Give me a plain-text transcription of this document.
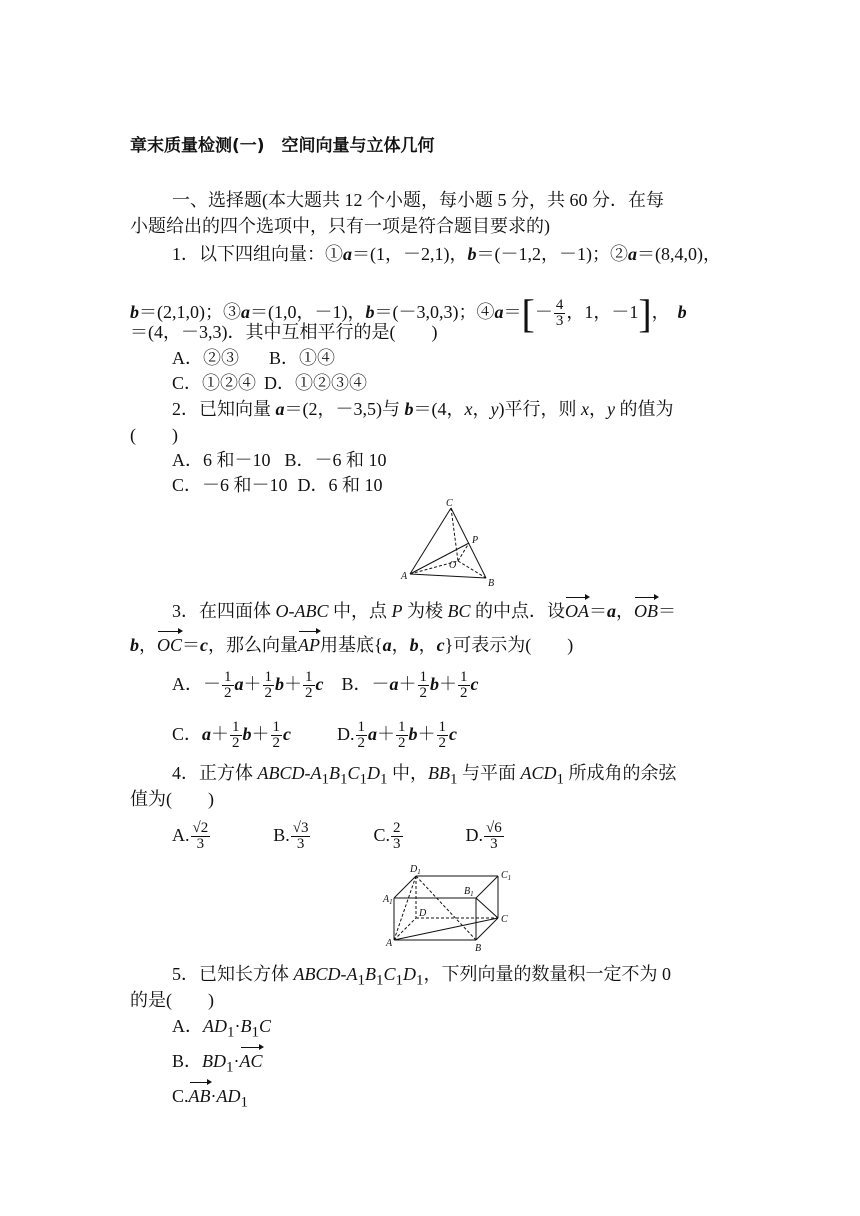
章末质量检测(一)　空间向量与立体几何
一、选择题(本大题共 12 个小题，每小题 5 分，共 60 分．在每
小题给出的四个选项中，只有一项是符合题目要求的)
1．以下四组向量：①a＝(1，－2,1)，b＝(－1,2，－1)；②a＝(8,4,0)，
b＝(2,1,0)；③a＝(1,0，－1)，b＝(－3,0,3)；④a＝[－ $\frac{4}{3}$ ，1，－1]， b
＝(4，－3,3)．其中互相平行的是(　　)
A．②③ B．①④
C．①②④ D．①②③④
2．已知向量 a＝(2，－3,5)与 b＝(4，x，y)平行，则 x，y 的值为
(　　)
A．6 和－10 B．－6 和 10
C．－6 和－10 D．6 和 10
C
P
O
A
B
3．在四面体 O-ABC 中，点 P 为棱 BC 的中点．设OA＝a，OB＝
b，OC＝c，那么向量AP用基底{a，b，c}可表示为(　　)
A．－ $\frac{1}{2} a+ \frac{1}{2} b+ \frac{1}{2}$ c B．$-a+ \frac{1}{2} b+ \frac{1}{2}$ c
C．$a+ \frac{1}{2} b+ \frac{1}{2}$ c	D. $\frac{1}{2} a+ \frac{1}{2} b+ \frac{1}{2}$ c
4．正方体 ABCD-$A_1B_1C_1D_1$ 中，$BB_1$ 与平面 $ACD_1$ 所成角的余弦
值为(　　)
A. $\frac{√2}{3}$	B. $\frac{√3}{3}$	C. $\frac{2}{3}$	D. $\frac{√6}{3}$
$D_1$	$C_1$
$B_1$
$A_1$
D
C
A	B
5．已知长方体 ABCD-$A_1B_1C_1D_1$，下列向量的数量积一定不为 0
的是(　　)
A．$AD_1\cdot B_1C$
B．$BD_1\cdot AC$
$C.AB\cdot AD_1$
